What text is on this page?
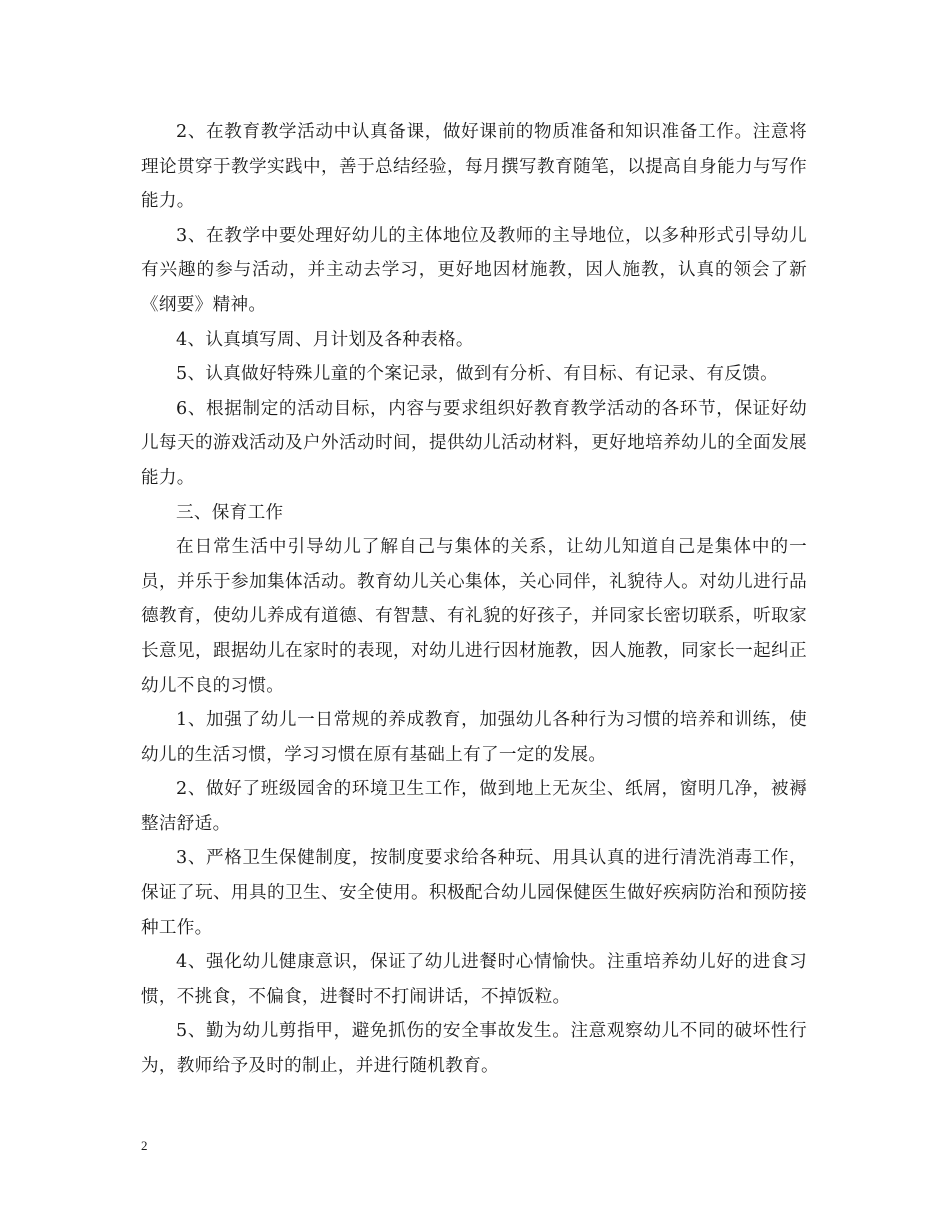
2、在教育教学活动中认真备课，做好课前的物质准备和知识准备工作。注意将理论贯穿于教学实践中，善于总结经验，每月撰写教育随笔，以提高自身能力与写作能力。

3、在教学中要处理好幼儿的主体地位及教师的主导地位，以多种形式引导幼儿有兴趣的参与活动，并主动去学习，更好地因材施教，因人施教，认真的领会了新《纲要》精神。

4、认真填写周、月计划及各种表格。

5、认真做好特殊儿童的个案记录，做到有分析、有目标、有记录、有反馈。

6、根据制定的活动目标，内容与要求组织好教育教学活动的各环节，保证好幼儿每天的游戏活动及户外活动时间，提供幼儿活动材料，更好地培养幼儿的全面发展能力。

三、保育工作

在日常生活中引导幼儿了解自己与集体的关系，让幼儿知道自己是集体中的一员，并乐于参加集体活动。教育幼儿关心集体，关心同伴，礼貌待人。对幼儿进行品德教育，使幼儿养成有道德、有智慧、有礼貌的好孩子，并同家长密切联系，听取家长意见，跟据幼儿在家时的表现，对幼儿进行因材施教，因人施教，同家长一起纠正幼儿不良的习惯。

1、加强了幼儿一日常规的养成教育，加强幼儿各种行为习惯的培养和训练，使幼儿的生活习惯，学习习惯在原有基础上有了一定的发展。

2、做好了班级园舍的环境卫生工作，做到地上无灰尘、纸屑，窗明几净，被褥整洁舒适。

3、严格卫生保健制度，按制度要求给各种玩、用具认真的进行清洗消毒工作，保证了玩、用具的卫生、安全使用。积极配合幼儿园保健医生做好疾病防治和预防接种工作。

4、强化幼儿健康意识，保证了幼儿进餐时心情愉快。注重培养幼儿好的进食习惯，不挑食，不偏食，进餐时不打闹讲话，不掉饭粒。

5、勤为幼儿剪指甲，避免抓伤的安全事故发生。注意观察幼儿不同的破坏性行为，教师给予及时的制止，并进行随机教育。

2
